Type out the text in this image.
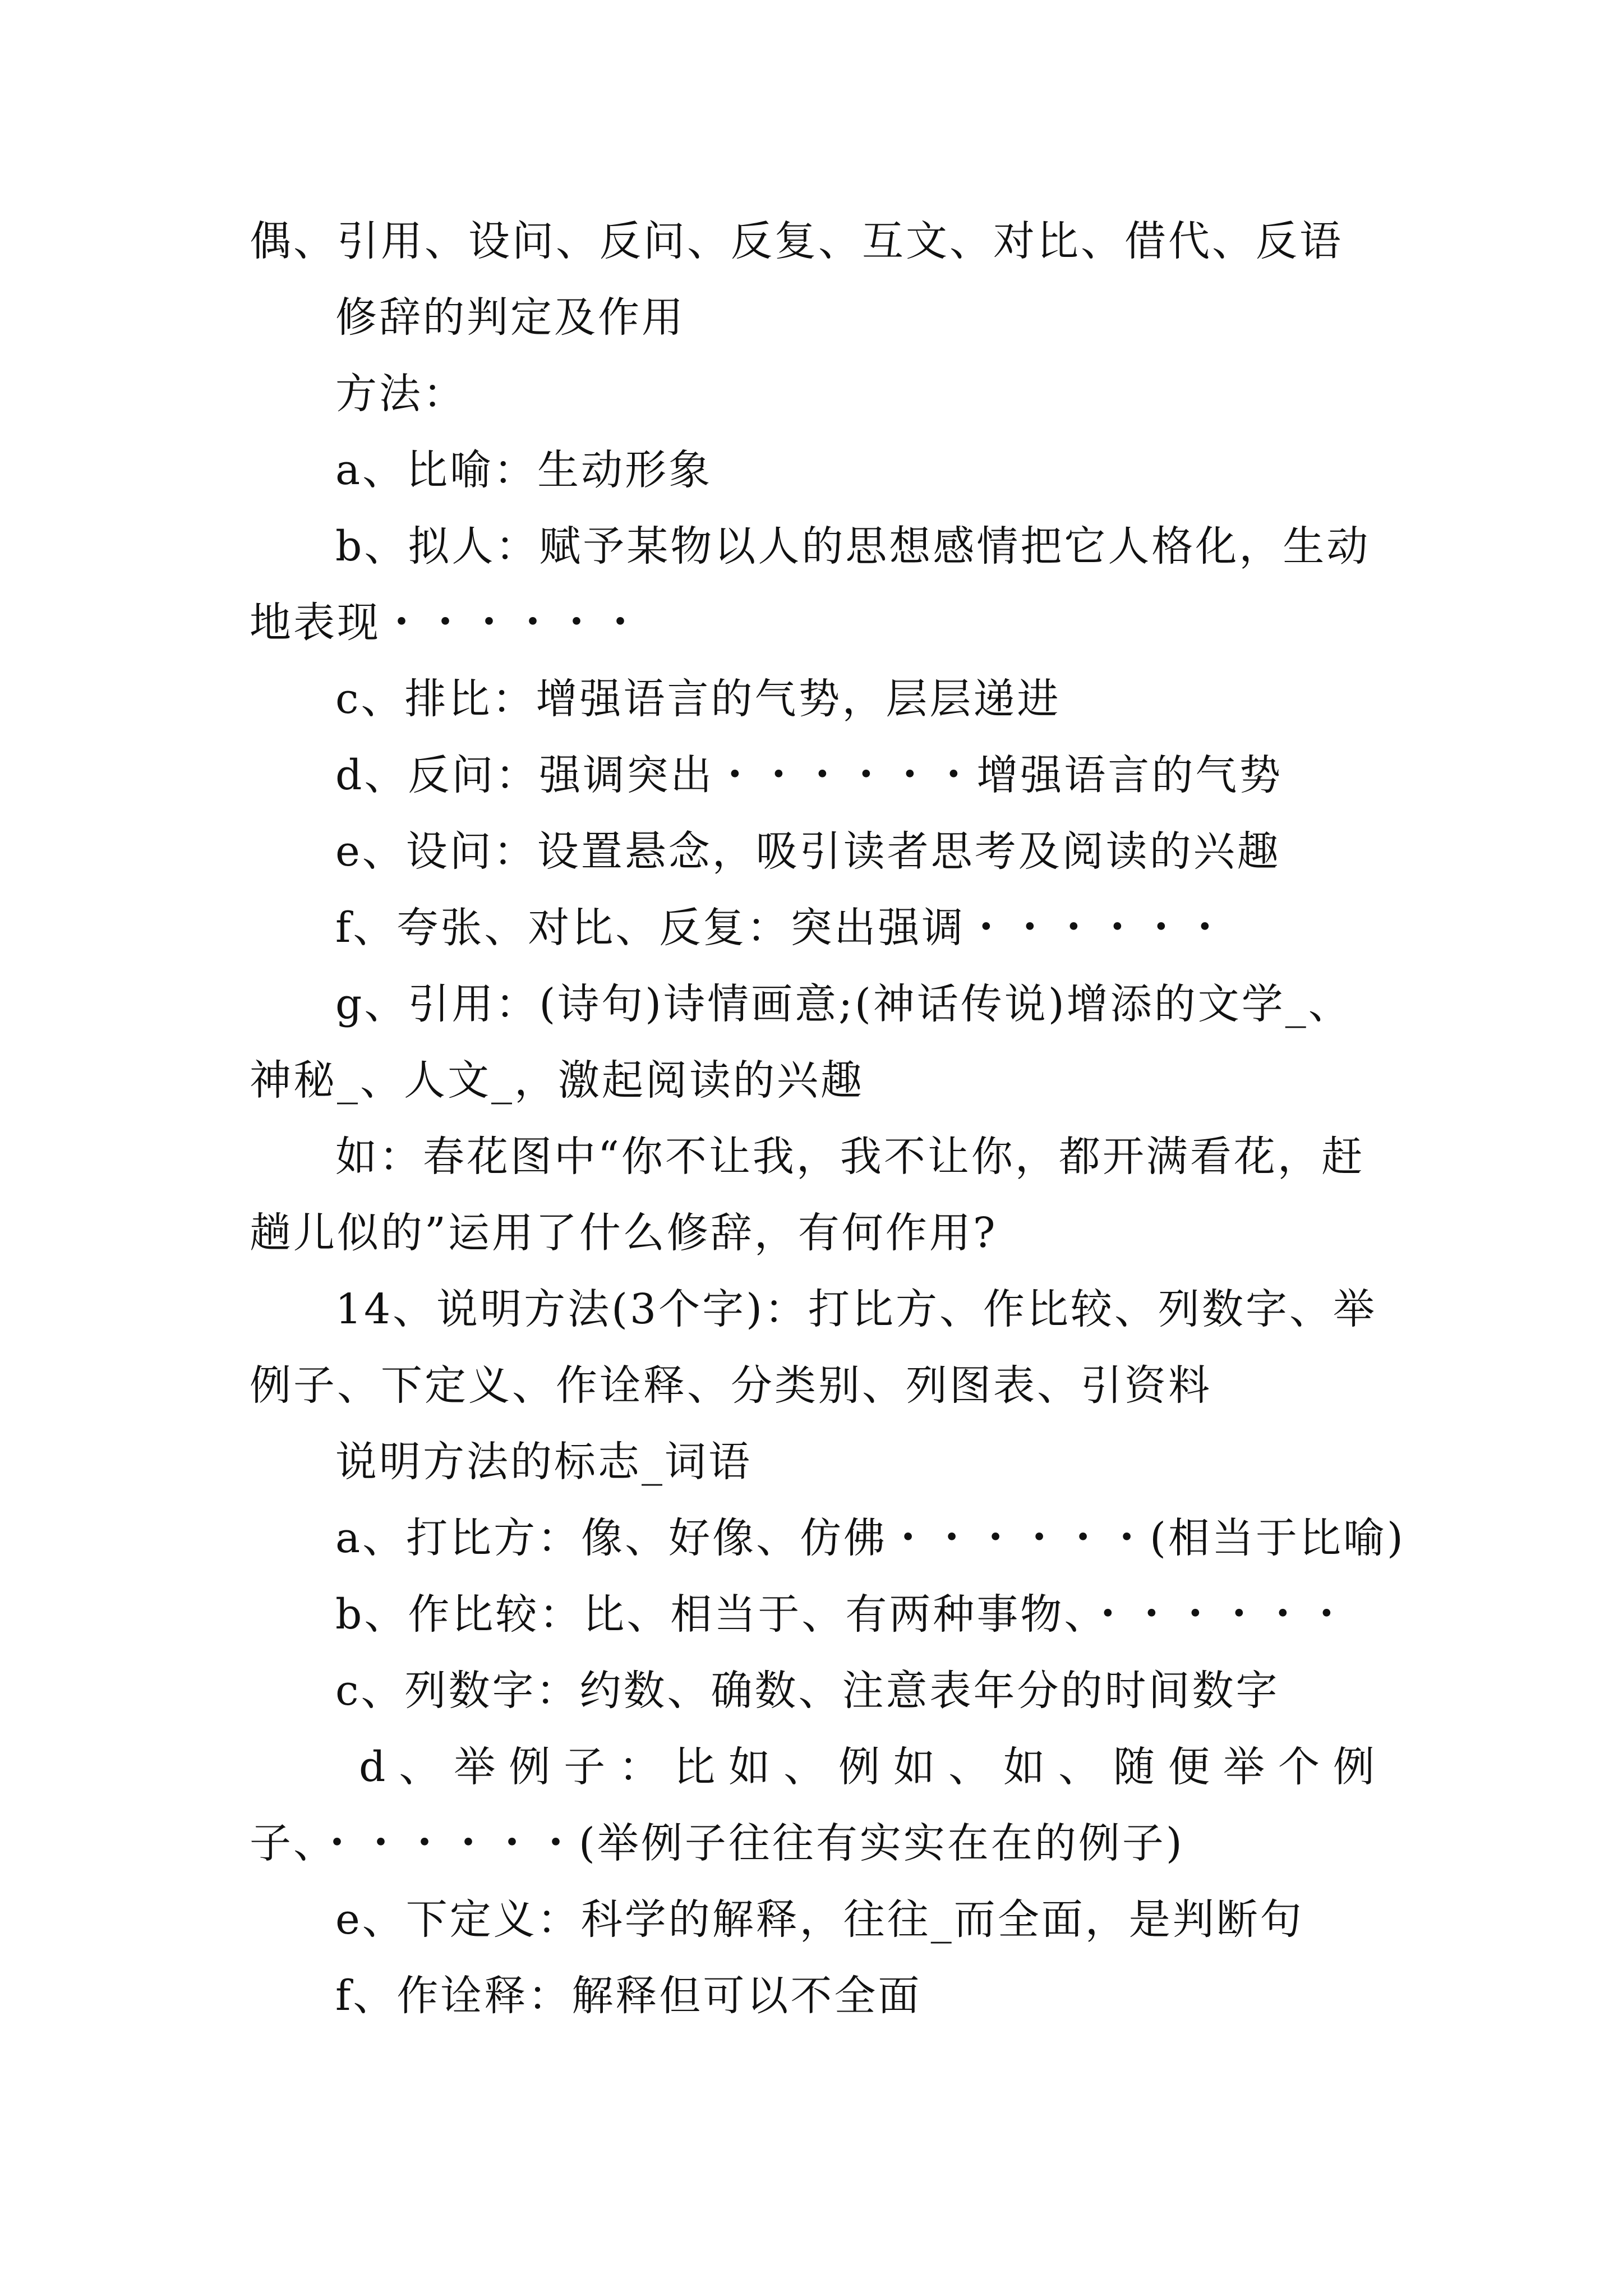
偶、引用、设问、反问、反复、互文、对比、借代、反语
修辞的判定及作用
方法：
a、比喻：生动形象
b、拟人：赋予某物以人的思想感情把它人格化，生动
地表现・・・・・・
c、排比：增强语言的气势，层层递进
d、反问：强调突出・・・・・・增强语言的气势
e、设问：设置悬念，吸引读者思考及阅读的兴趣
f、夸张、对比、反复：突出强调・・・・・・
g、引用：(诗句)诗情画意;(神话传说)增添的文学_、
神秘_、人文_，激起阅读的兴趣
如：春花图中“你不让我，我不让你，都开满看花，赶
趟儿似的”运用了什么修辞，有何作用?
14、说明方法(3个字)：打比方、作比较、列数字、举
例子、下定义、作诠释、分类别、列图表、引资料
说明方法的标志_词语
a、打比方：像、好像、仿佛・・・・・・(相当于比喻)
b、作比较：比、相当于、有两种事物、・・・・・・
c、列数字：约数、确数、注意表年分的时间数字
d、举例子：比如、例如、如、随便举个例
子、・・・・・・(举例子往往有实实在在的例子)
e、下定义：科学的解释，往往_而全面，是判断句
f、作诠释：解释但可以不全面
